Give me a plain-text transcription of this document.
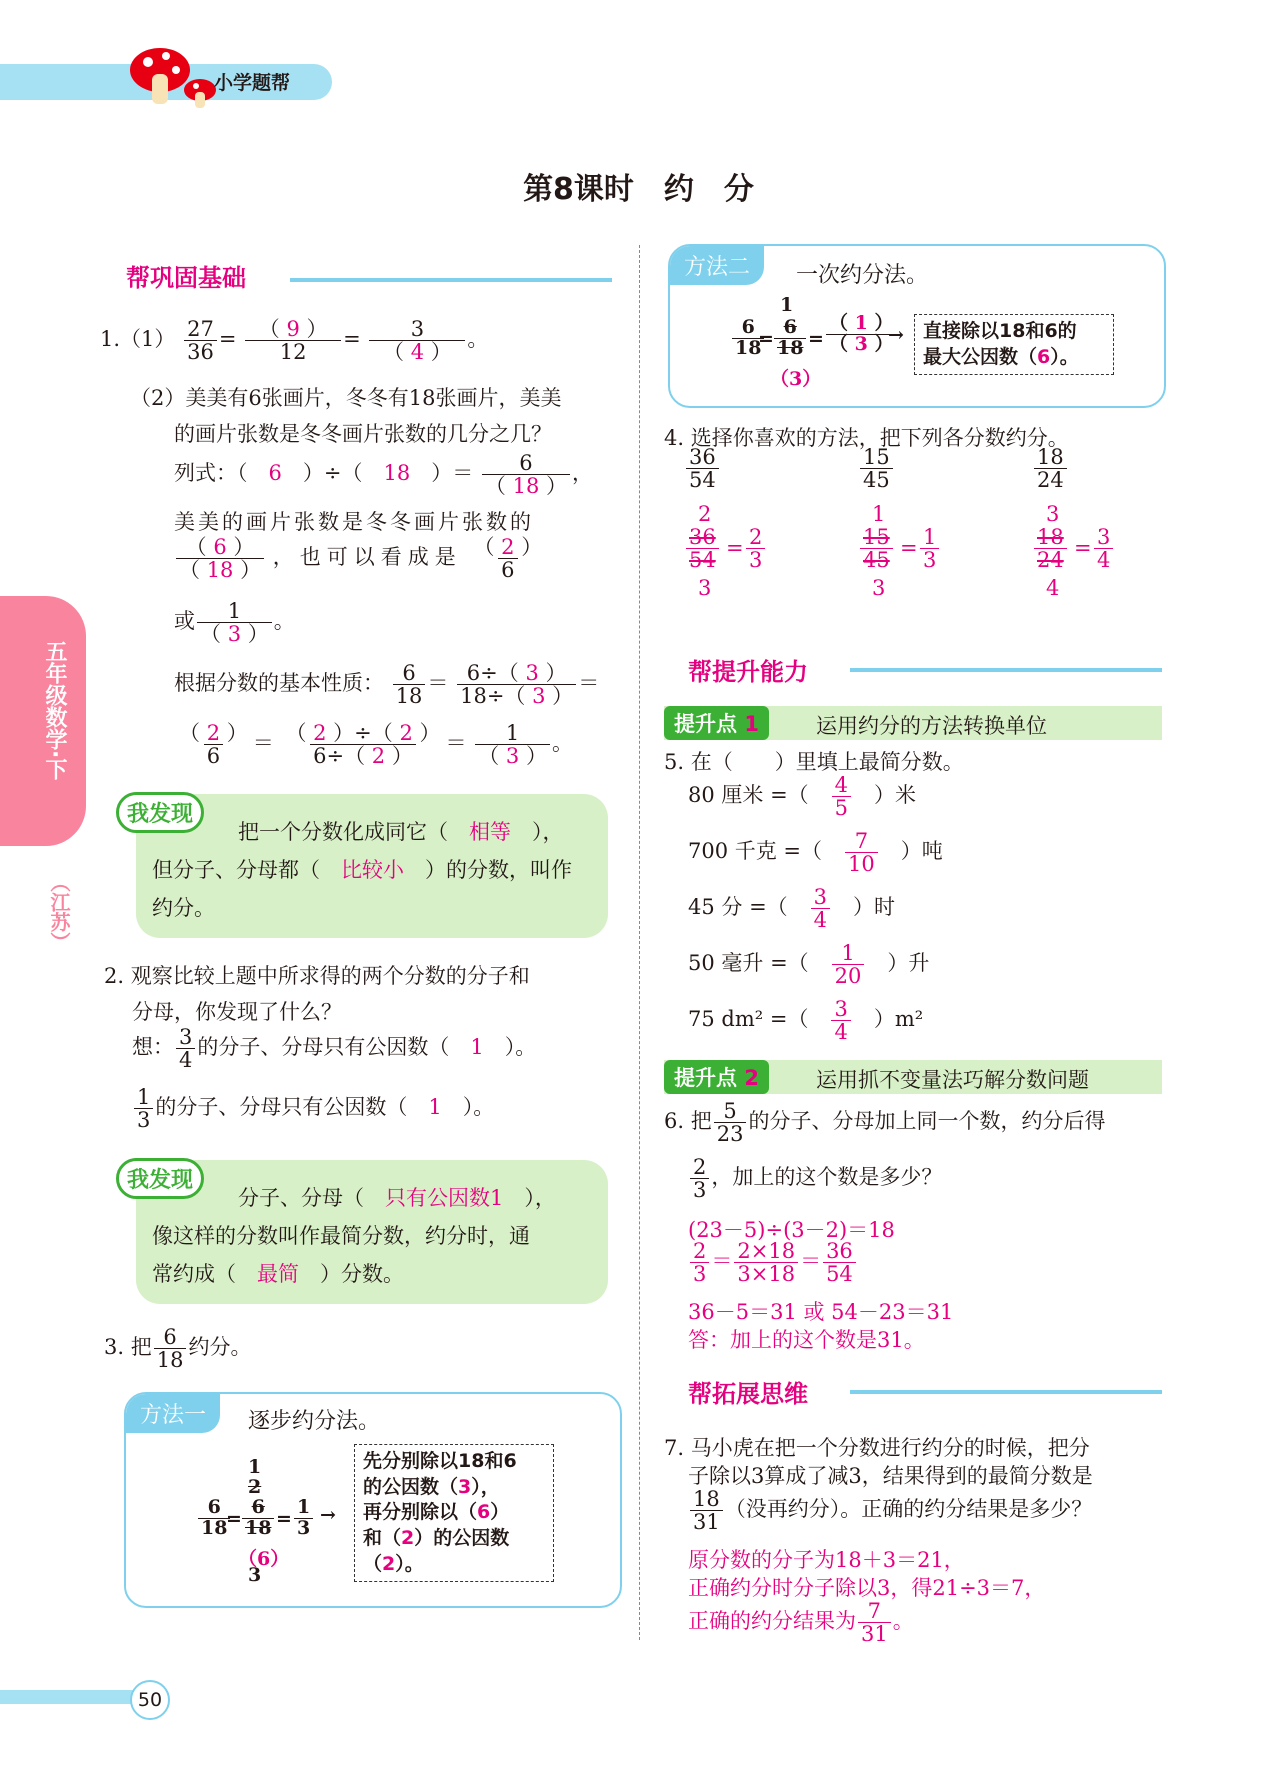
小学题帮
五年级数学·下
（江苏）
第8课时　约　分
帮巩固基础
$1.(1) \frac{27}{36} = \frac{( 9 )}{12} = \frac{3}{( 4 )}$ 。
（2）美美有6张画片，冬冬有18张画片，美美
的画片张数是冬冬画片张数的几分之几？
列式：（　 6　）÷（　18　）＝ $\frac{6}{( 18 )}$ ，
美美的画片张数是冬冬画片张数的
$\frac{( 6 )}{( 18 )}$ ，也可以看成是 $\frac{( 2 )}{6}$
或 $\frac{1}{( 3 )}$ 。
根据分数的基本性质： $\frac{6}{18} = \frac{6\div( 3 )}{18\div( 3 )}$ ＝
$\frac{( 2 )}{6} = \frac{( 2 )\div( 2 )}{6\div( 2 )} = \frac{1}{( 3 )}$ 。
我发现
把一个分数化成同它（　 相等　 ），
但分子、分母都（　 比较小　 ）的分数，叫作
约分。
2. 观察比较上题中所求得的两个分数的分子和
分母，你发现了什么？
想： $\frac{3}{4}$ 的分子、分母只有公因数（　 1　 ）。
$\frac{1}{3}$ 的分子、分母只有公因数（　 1　 ）。
我发现
分子、分母（　 只有公因数1　 ），
像这样的分数叫作最简分数，约分时，通
常约成（　 最简　 ）分数。
3. 把 $\frac{6}{18}$ 约分。
方法一	逐步约分法。
$\frac{6}{18}$
=
1
2
$\frac{6}{18}$
（6）
3
= $\frac{1}{3}$ →
先分别除以18和6
的公因数（3），
再分别除以（6）
和（2）的公因数
（2）。
方法二	一次约分法。
$\frac{6}{18}$
=
1
$\frac{6}{18}$
（3）
= $\frac{( 1 )}{( 3 )}$
→ 直接除以18和6的
最大公因数（6）。
4. 选择你喜欢的方法，把下列各分数约分。
$\frac{36}{54}$	$\frac{15}{45}$	$\frac{18}{24}$
2
$\frac{36}{54}$
3
= $\frac{2}{3}$
1
$\frac{15}{45}$
3
= $\frac{1}{3}$
3
$\frac{18}{24}$
4
= $\frac{3}{4}$
帮提升能力
提升点 1	运用约分的方法转换单位
5. 在（　　）里填上最简分数。
80 厘米 =（　 $\frac{4}{5}$
　 ）米
700 千克 =（　 $\frac{7}{10}$
　 ）吨
45 分 =（　 $\frac{3}{4}$
　 ）时
50 毫升 =（　 $\frac{1}{20}$
　 ）升
75 dm² =（　 $\frac{3}{4}$
　 ）m²
提升点 2	运用抓不变量法巧解分数问题
6. 把 $\frac{5}{23}$ 的分子、分母加上同一个数，约分后得
$\frac{2}{3}$ ，加上的这个数是多少？
(23－5)÷(3－2)＝18
$\frac{2}{3} = \frac{2\times 18}{3\times 18} = \frac{36}{54}$
36－5＝31 或 54－23＝31
答：加上的这个数是31。
帮拓展思维
7. 马小虎在把一个分数进行约分的时候，把分
子除以3算成了减3，结果得到的最简分数是
$\frac{18}{31}$ （没再约分）。正确的约分结果是多少？
原分数的分子为18＋3＝21，
正确约分时分子除以3，得21÷3＝7，
正确的约分结果为 $\frac{7}{31}$ 。
50
